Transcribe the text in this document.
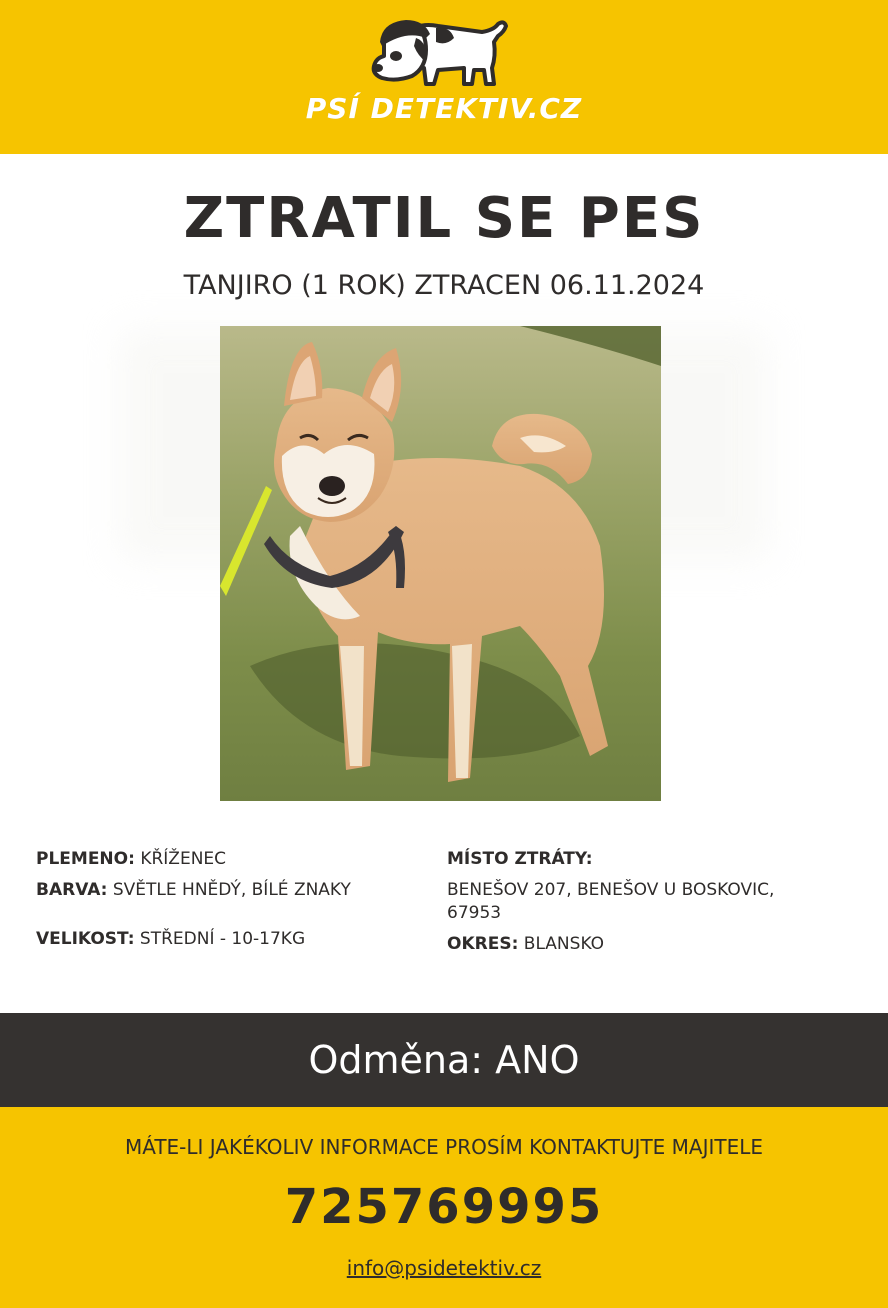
PSÍ DETEKTIV.CZ
ZTRATIL SE PES
TANJIRO (1 ROK) ZTRACEN 06.11.2024
PLEMENO: KŘÍŽENEC
BARVA: SVĚTLE HNĚDÝ, BÍLÉ ZNAKY
VELIKOST: STŘEDNÍ - 10-17KG
MÍSTO ZTRÁTY:
BENEŠOV 207, BENEŠOV U BOSKOVIC, 67953
OKRES: BLANSKO
Odměna: ANO
MÁTE-LI JAKÉKOLIV INFORMACE PROSÍM KONTAKTUJTE MAJITELE
725769995
info@psidetektiv.cz
